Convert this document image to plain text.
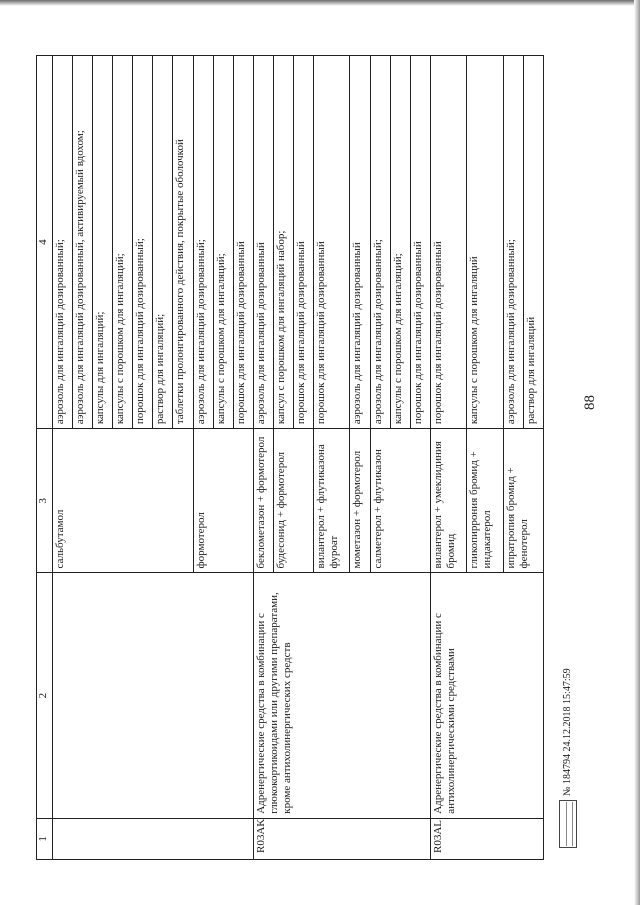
1	2	3	4
		сальбутамол	аэрозоль для ингаляций дозированный;
			аэрозоль для ингаляций дозированный, активируемый вдохом;
			капсулы для ингаляций;
			капсулы с порошком для ингаляций;
			порошок для ингаляций дозированный;
			раствор для ингаляций;
			таблетки пролонгированного действия, покрытые оболочкой
		формотерол	аэрозоль для ингаляций дозированный;
			капсулы с порошком для ингаляций;
			порошок для ингаляций дозированный
R03AK	Адренергические средства в комбинации с глюкокортикоидами или другими препаратами, кроме антихолинергических средств	беклометазон + формотерол	аэрозоль для ингаляций дозированный
		будесонид + формотерол	капсул с порошком для ингаляций набор;
			порошок для ингаляций дозированный
		вилантерол + флутиказона фуроат	порошок для ингаляций дозированный
		мометазон + формотерол	аэрозоль для ингаляций дозированный
		салметерол + флутиказон	аэрозоль для ингаляций дозированный;
			капсулы с порошком для ингаляций;
			порошок для ингаляций дозированный
R03AL	Адренергические средства в комбинации с антихолинергическими средствами	вилантерол + умеклидиния бромид	порошок для ингаляций дозированный
		гликопиррония бромид + индакатерол	капсулы с порошком для ингаляций
		ипратропия бромид + фенотерол	аэрозоль для ингаляций дозированный;
			раствор для ингаляций	88
№ 184794 24.12.2018 15:47:59
